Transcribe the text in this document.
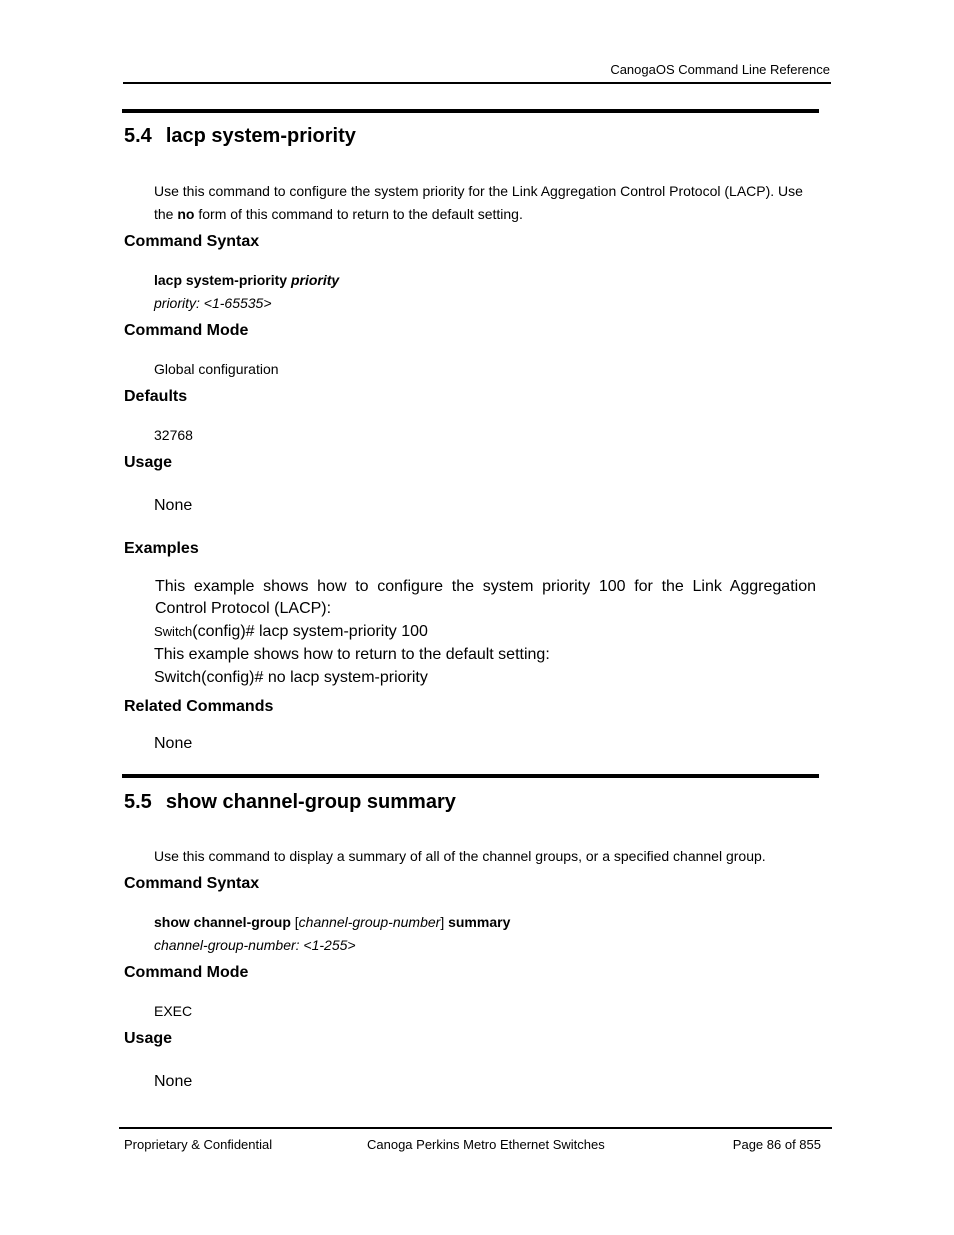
CanogaOS Command Line Reference
5.4 lacp system-priority
Use this command to configure the system priority for the Link Aggregation Control Protocol (LACP). Use
the no form of this command to return to the default setting.
Command Syntax
lacp system-priority priority
priority: <1-65535>
Command Mode
Global configuration
Defaults
32768
Usage
None
Examples
This example shows how to configure the system priority 100 for the Link Aggregation
Control Protocol (LACP):
Switch(config)# lacp system-priority 100
This example shows how to return to the default setting:
Switch(config)# no lacp system-priority
Related Commands
None
5.5 show channel-group summary
Use this command to display a summary of all of the channel groups, or a specified channel group.
Command Syntax
show channel-group [channel-group-number] summary
channel-group-number: <1-255>
Command Mode
EXEC
Usage
None
Proprietary & Confidential	Canoga Perkins Metro Ethernet Switches	Page 86 of 855
